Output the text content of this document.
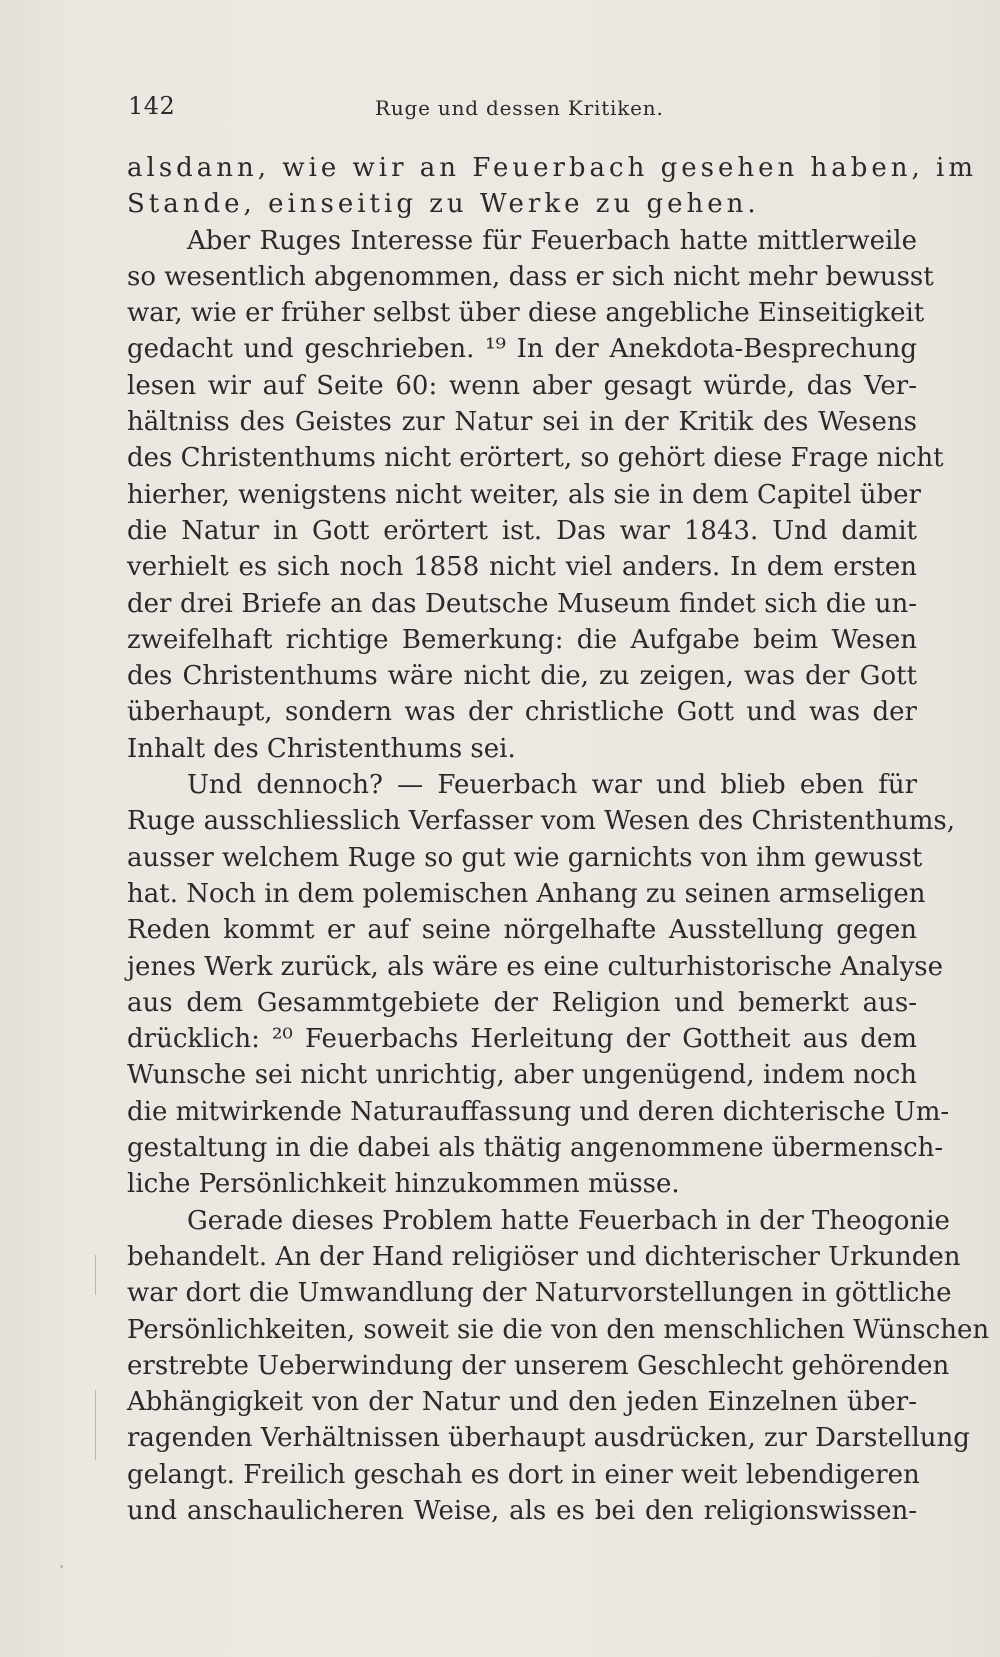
142	Ruge und dessen Kritiken.
alsdann, wie wir an Feuerbach gesehen haben, im
Stande, einseitig zu Werke zu gehen.
Aber Ruges Interesse für Feuerbach hatte mittlerweile
so wesentlich abgenommen, dass er sich nicht mehr bewusst
war, wie er früher selbst über diese angebliche Einseitigkeit
gedacht und geschrieben. ¹⁹ In der Anekdota-Besprechung
lesen wir auf Seite 60: wenn aber gesagt würde, das Ver-
hältniss des Geistes zur Natur sei in der Kritik des Wesens
des Christenthums nicht erörtert, so gehört diese Frage nicht
hierher, wenigstens nicht weiter, als sie in dem Capitel über
die Natur in Gott erörtert ist. Das war 1843. Und damit
verhielt es sich noch 1858 nicht viel anders. In dem ersten
der drei Briefe an das Deutsche Museum findet sich die un-
zweifelhaft richtige Bemerkung: die Aufgabe beim Wesen
des Christenthums wäre nicht die, zu zeigen, was der Gott
überhaupt, sondern was der christliche Gott und was der
Inhalt des Christenthums sei.
Und dennoch? — Feuerbach war und blieb eben für
Ruge ausschliesslich Verfasser vom Wesen des Christenthums,
ausser welchem Ruge so gut wie garnichts von ihm gewusst
hat. Noch in dem polemischen Anhang zu seinen armseligen
Reden kommt er auf seine nörgelhafte Ausstellung gegen
jenes Werk zurück, als wäre es eine culturhistorische Analyse
aus dem Gesammtgebiete der Religion und bemerkt aus-
drücklich: ²⁰ Feuerbachs Herleitung der Gottheit aus dem
Wunsche sei nicht unrichtig, aber ungenügend, indem noch
die mitwirkende Naturauffassung und deren dichterische Um-
gestaltung in die dabei als thätig angenommene übermensch-
liche Persönlichkeit hinzukommen müsse.
Gerade dieses Problem hatte Feuerbach in der Theogonie
behandelt. An der Hand religiöser und dichterischer Urkunden
war dort die Umwandlung der Naturvorstellungen in göttliche
Persönlichkeiten, soweit sie die von den menschlichen Wünschen
erstrebte Ueberwindung der unserem Geschlecht gehörenden
Abhängigkeit von der Natur und den jeden Einzelnen über-
ragenden Verhältnissen überhaupt ausdrücken, zur Darstellung
gelangt. Freilich geschah es dort in einer weit lebendigeren
und anschaulicheren Weise, als es bei den religionswissen-
